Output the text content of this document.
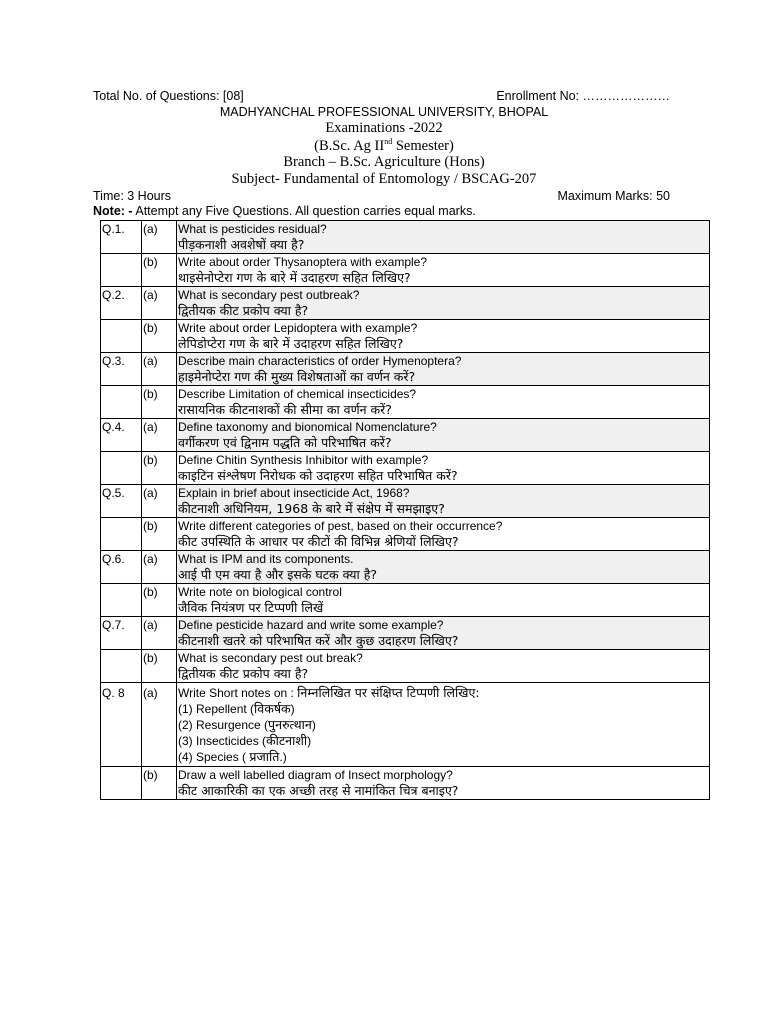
Total No. of Questions: [08]	Enrollment No: …………………
MADHYANCHAL PROFESSIONAL UNIVERSITY, BHOPAL
Examinations -2022
(B.Sc. Ag IInd Semester)
Branch – B.Sc. Agriculture (Hons)
Subject- Fundamental of Entomology / BSCAG-207
Time: 3 Hours	Maximum Marks: 50
Note: - Attempt any Five Questions. All question carries equal marks.
Q.1.	(a)	What is pesticides residual?
पीड़कनाशी अवशेषों क्या है?

	(b)	Write about order Thysanoptera with example?
थाइसेनोप्टेरा गण के बारे में उदाहरण सहित लिखिए?

Q.2.	(a)	What is secondary pest outbreak?
द्वितीयक कीट प्रकोप क्या है?

	(b)	Write about order Lepidoptera with example?
लेपिडोप्टेरा गण के बारे में उदाहरण सहित लिखिए?

Q.3.	(a)	Describe main characteristics of order Hymenoptera?
हाइमेनोप्टेरा गण की मुख्य विशेषताओं का वर्णन करें?

	(b)	Describe Limitation of chemical insecticides?
रासायनिक कीटनाशकों की सीमा का वर्णन करें?

Q.4.	(a)	Define taxonomy and bionomical Nomenclature?
वर्गीकरण एवं द्विनाम पद्धति को परिभाषित करें?

	(b)	Define Chitin Synthesis Inhibitor with example?
काइटिन संश्लेषण निरोधक को उदाहरण सहित परिभाषित करें?

Q.5.	(a)	Explain in brief about insecticide Act, 1968?
कीटनाशी अधिनियम, 1968 के बारे में संक्षेप में समझाइए?

	(b)	Write different categories of pest, based on their occurrence?
कीट उपस्थिति के आधार पर कीटों की विभिन्न श्रेणियों लिखिए?

Q.6.	(a)	What is IPM and its components.
आई पी एम क्या है और इसके घटक क्या है?

	(b)	Write note on biological control
जैविक नियंत्रण पर टिप्पणी लिखें

Q.7.	(a)	Define pesticide hazard and write some example?
कीटनाशी खतरे को परिभाषित करें और कुछ उदाहरण लिखिए?

	(b)	What is secondary pest out break?
द्वितीयक कीट प्रकोप क्या है?

Q. 8	(a)	Write Short notes on : निम्नलिखित पर संक्षिप्त टिप्पणी लिखिए:
(1) Repellent (विकर्षक)
(2) Resurgence (पुनरुत्थान)
(3) Insecticides (कीटनाशी)
(4) Species ( प्रजाति.)

	(b)	Draw a well labelled diagram of Insect morphology?
कीट आकारिकी का एक अच्छी तरह से नामांकित चित्र बनाइए?
